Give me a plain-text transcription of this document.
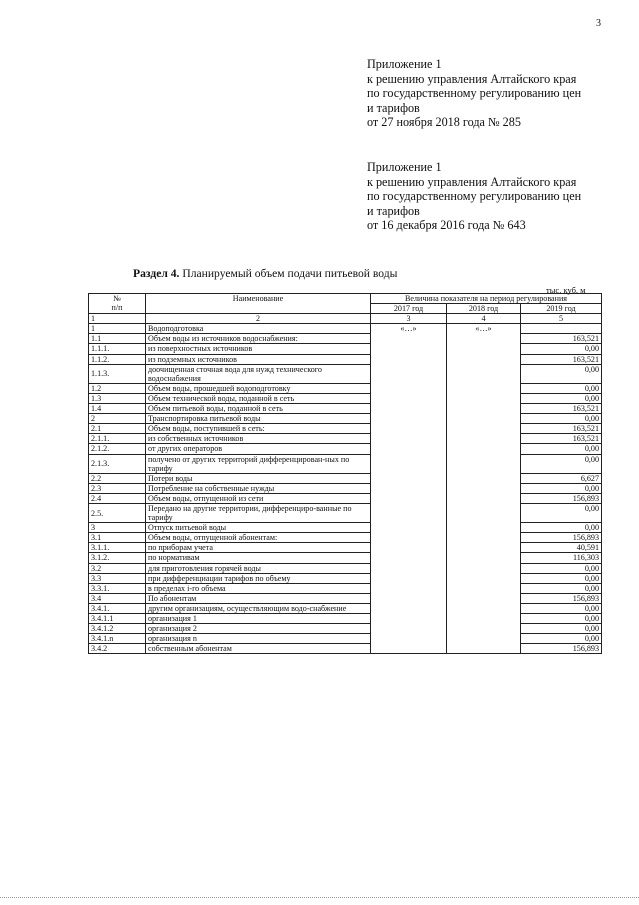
3
Приложение 1
к решению управления Алтайского края
по государственному регулированию цен
и тарифов
от 27 ноября 2018 года № 285
Приложение 1
к решению управления Алтайского края
по государственному регулированию цен
и тарифов
от 16 декабря 2016 года № 643
Раздел 4. Планируемый объем подачи питьевой воды
тыс. куб. м
№
п/п	Наименование	Величина показателя на период регулирования		
		2017 год	2018 год	2019 год
1	2	3	4	5
1	Водоподготовка	«…»	«…»	
1.1	Объем воды из источников водоснабжения:			163,521
1.1.1.	из поверхностных источников			0,00
1.1.2.	из подземных источников			163,521
1.1.3.	доочищенная сточная вода для нужд технического водоснабжения			0,00
1.2	Объем воды, прошедшей водоподготовку			0,00
1.3	Объем технической воды, поданной в сеть			0,00
1.4	Объем питьевой воды, поданной в сеть			163,521
2	Транспортировка питьевой воды			0,00
2.1	Объем воды, поступившей в сеть:			163,521
2.1.1.	из собственных источников			163,521
2.1.2.	от других операторов			0,00
2.1.3.	получено от других территорий дифференцирован-ных по тарифу			0,00
2.2	Потери воды			6,627
2.3	Потребление на собственные нужды			0,00
2.4	Объем воды, отпущенной из сети			156,893
2.5.	Передано на другие территории, дифференциро-ванные по тарифу			0,00
3	Отпуск питьевой воды			0,00
3.1	Объем воды, отпущенной абонентам:			156,893
3.1.1.	по приборам учета			40,591
3.1.2.	по нормативам			116,303
3.2	для приготовления горячей воды			0,00
3.3	при дифференциации тарифов по объему			0,00
3.3.1.	в пределах i-го объема			0,00
3.4	По абонентам			156,893
3.4.1.	другим организациям, осуществляющим водо-снабжение			0,00
3.4.1.1	организация 1			0,00
3.4.1.2	организация 2			0,00
3.4.1.n	организация n			0,00
3.4.2	собственным абонентам			156,893
